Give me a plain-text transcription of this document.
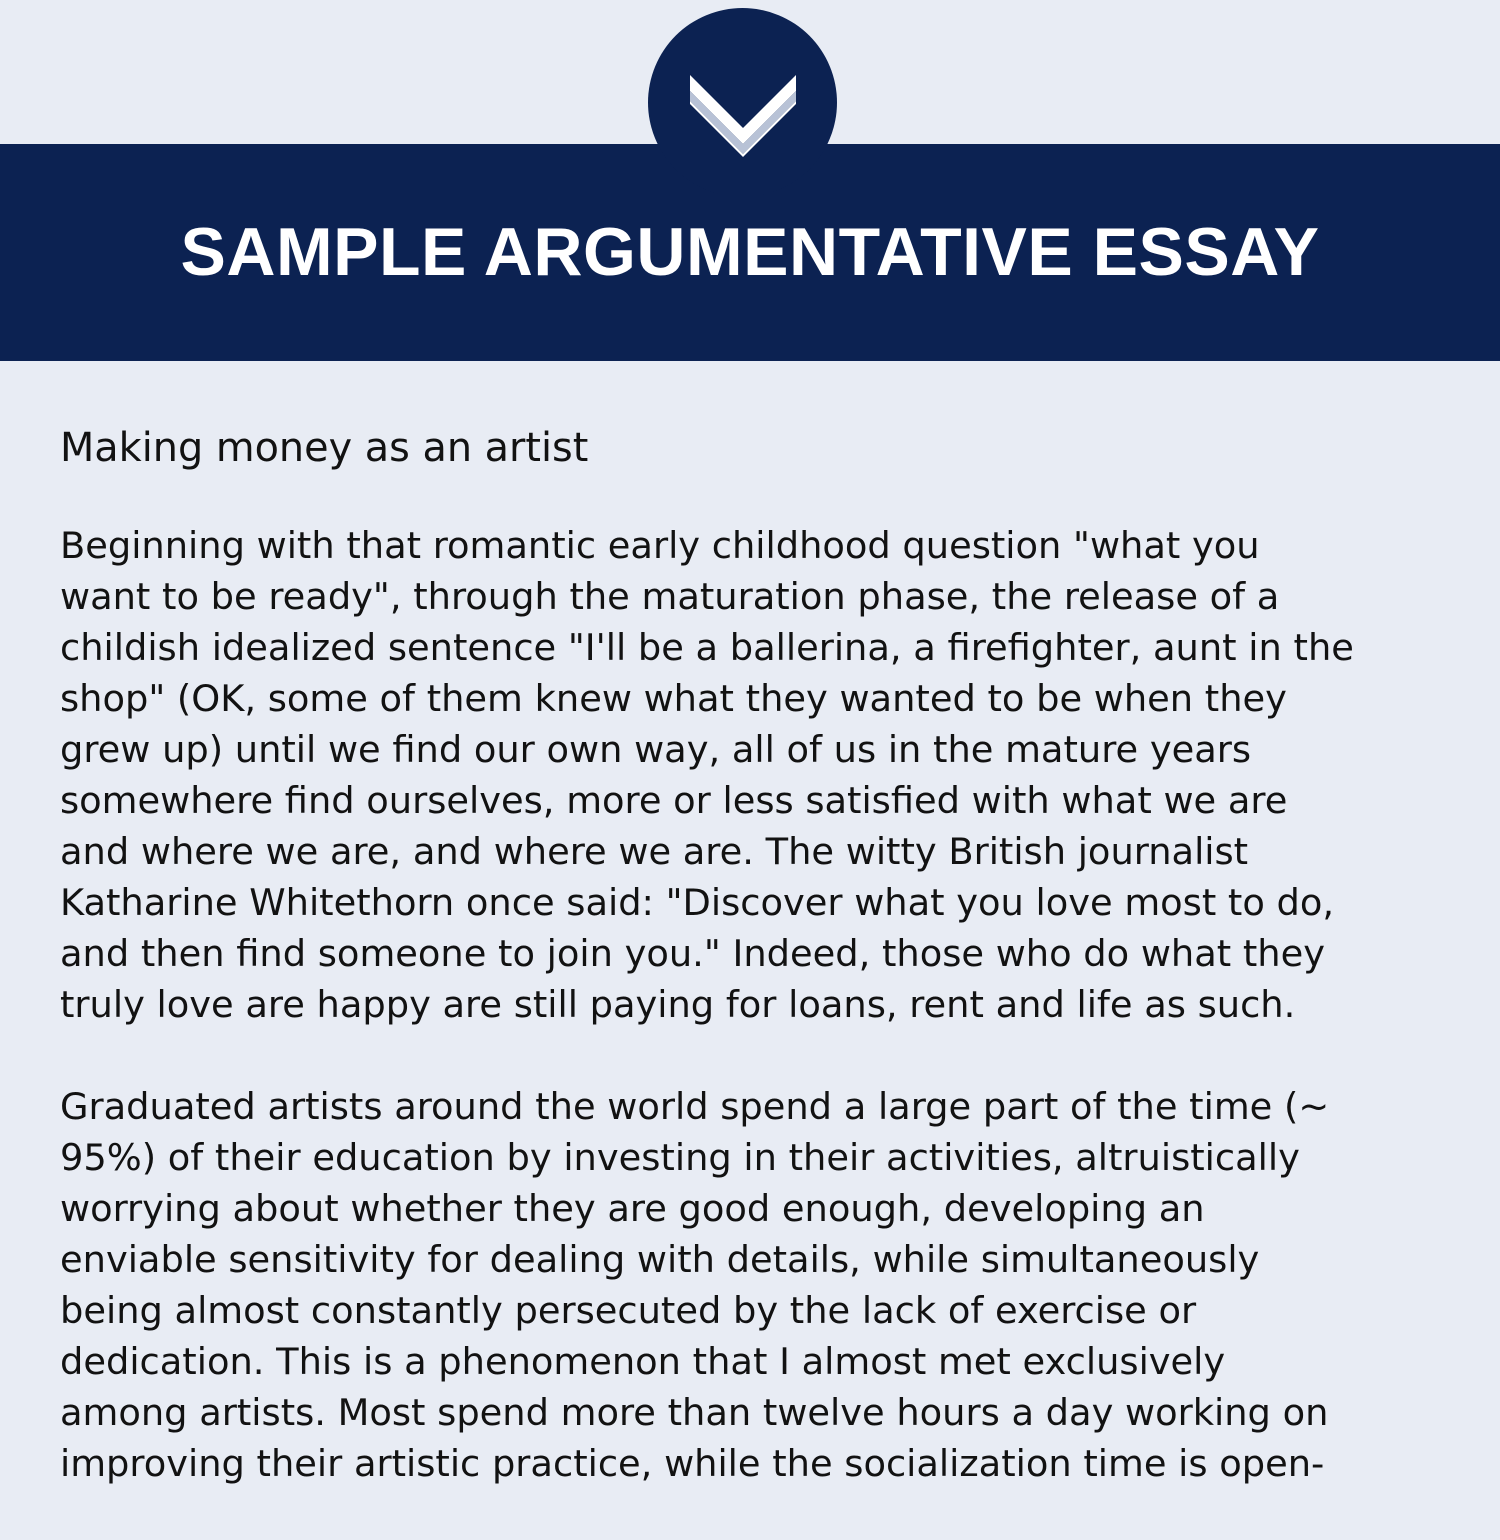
SAMPLE ARGUMENTATIVE ESSAY
Making money as an artist
Beginning with that romantic early childhood question "what you
want to be ready", through the maturation phase, the release of a
childish idealized sentence "I'll be a ballerina, a firefighter, aunt in the
shop" (OK, some of them knew what they wanted to be when they
grew up) until we find our own way, all of us in the mature years
somewhere find ourselves, more or less satisfied with what we are
and where we are, and where we are. The witty British journalist
Katharine Whitethorn once said: "Discover what you love most to do,
and then find someone to join you." Indeed, those who do what they
truly love are happy are still paying for loans, rent and life as such.
Graduated artists around the world spend a large part of the time (~
95%) of their education by investing in their activities, altruistically
worrying about whether they are good enough, developing an
enviable sensitivity for dealing with details, while simultaneously
being almost constantly persecuted by the lack of exercise or
dedication. This is a phenomenon that I almost met exclusively
among artists. Most spend more than twelve hours a day working on
improving their artistic practice, while the socialization time is open-
